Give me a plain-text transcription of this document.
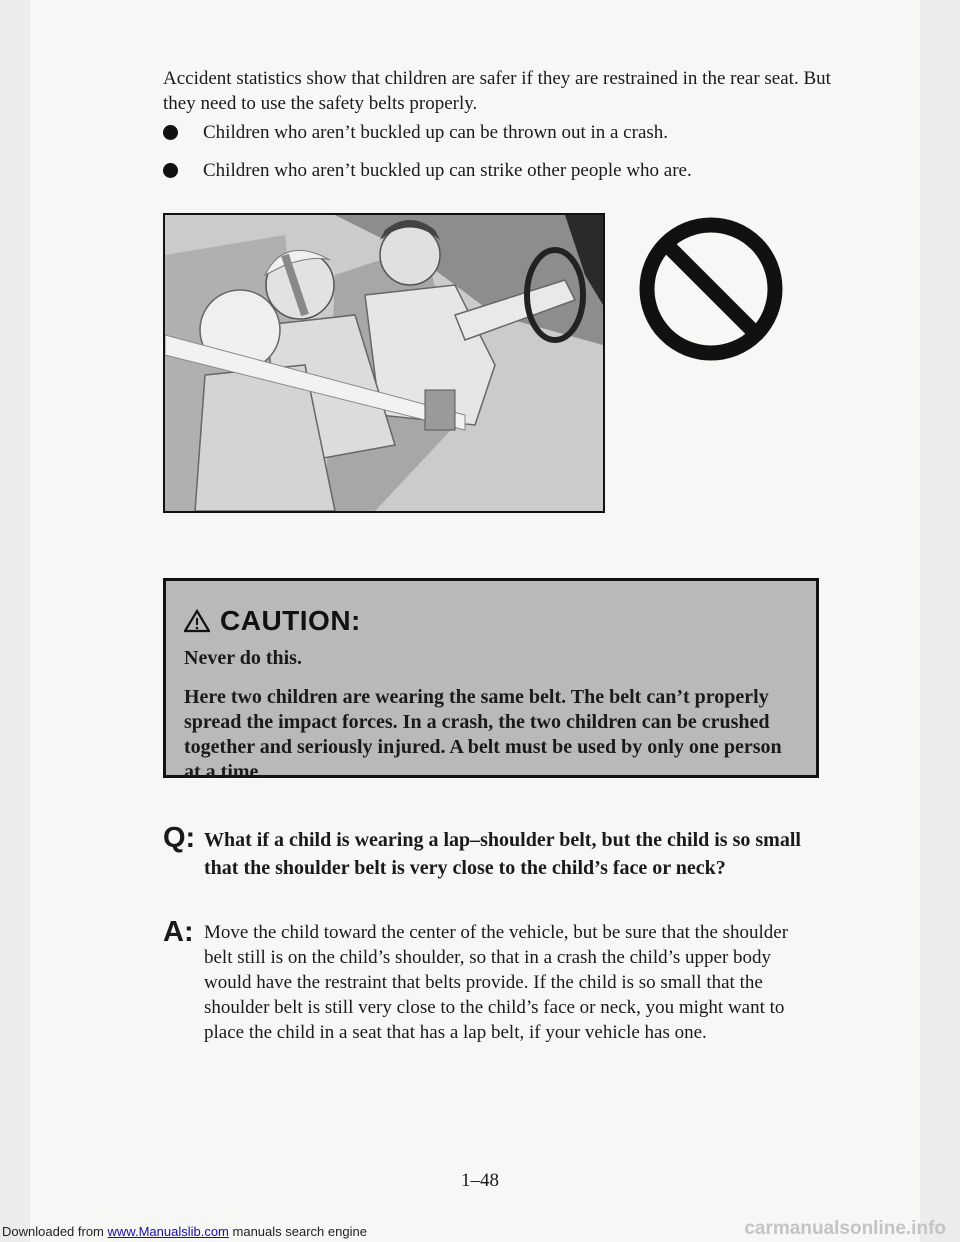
Accident statistics show that children are safer if they are restrained in the rear seat. But they need to use the safety belts properly.

Children who aren’t buckled up can be thrown out in a crash.
Children who aren’t buckled up can strike other people who are.
CAUTION:

Never do this.

Here two children are wearing the same belt. The belt can’t properly spread the impact forces. In a crash, the two children can be crushed together and seriously injured. A belt must be used by only one person at a time.

Q: What if a child is wearing a lap–shoulder belt, but the child is so small that the shoulder belt is very close to the child’s face or neck?
A: Move the child toward the center of the vehicle, but be sure that the shoulder belt still is on the child’s shoulder, so that in a crash the child’s upper body would have the restraint that belts provide. If the child is so small that the shoulder belt is still very close to the child’s face or neck, you might want to place the child in a seat that has a lap belt, if your vehicle has one.
1–48
Downloaded from www.Manualslib.com manuals search engine	carmanualsonline.info
